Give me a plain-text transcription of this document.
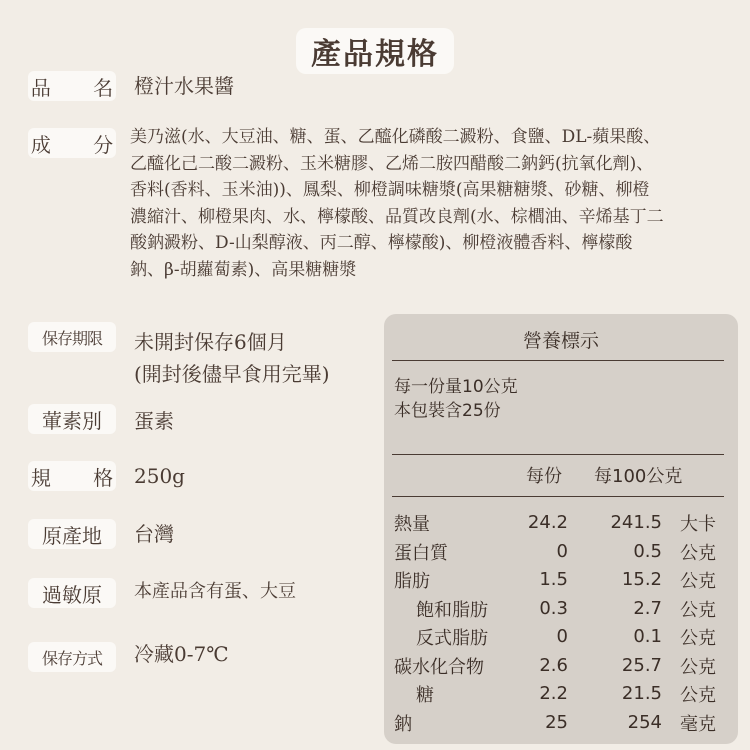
產品規格
品 名 橙汁水果醬
成 分
美乃滋(水、大豆油、糖、蛋、乙醯化磷酸二澱粉、食鹽、DL-蘋果酸、
乙醯化己二酸二澱粉、玉米糖膠、乙烯二胺四醋酸二鈉鈣(抗氧化劑)、
香料(香料、玉米油))、鳳梨、柳橙調味糖漿(高果糖糖漿、砂糖、柳橙
濃縮汁、柳橙果肉、水、檸檬酸、品質改良劑(水、棕櫚油、辛烯基丁二
酸鈉澱粉、D-山梨醇液、丙二醇、檸檬酸)、柳橙液體香料、檸檬酸
鈉、β-胡蘿蔔素)、高果糖糖漿
保存期限	未開封保存6個月
(開封後儘早食用完畢)
葷素別	蛋素
規 格 250g
原產地	台灣
過敏原	本產品含有蛋、大豆
保存方式	冷藏0-7℃
營養標示
每一份量10公克
本包裝含25份
每份 每100公克
熱量	24.2	241.5 大卡
蛋白質	0	0.5 公克
脂肪	1.5	15.2 公克
飽和脂肪	0.3	2.7 公克
反式脂肪	0	0.1 公克
碳水化合物	2.6	25.7 公克
糖	2.2	21.5 公克
鈉	25	254 毫克
